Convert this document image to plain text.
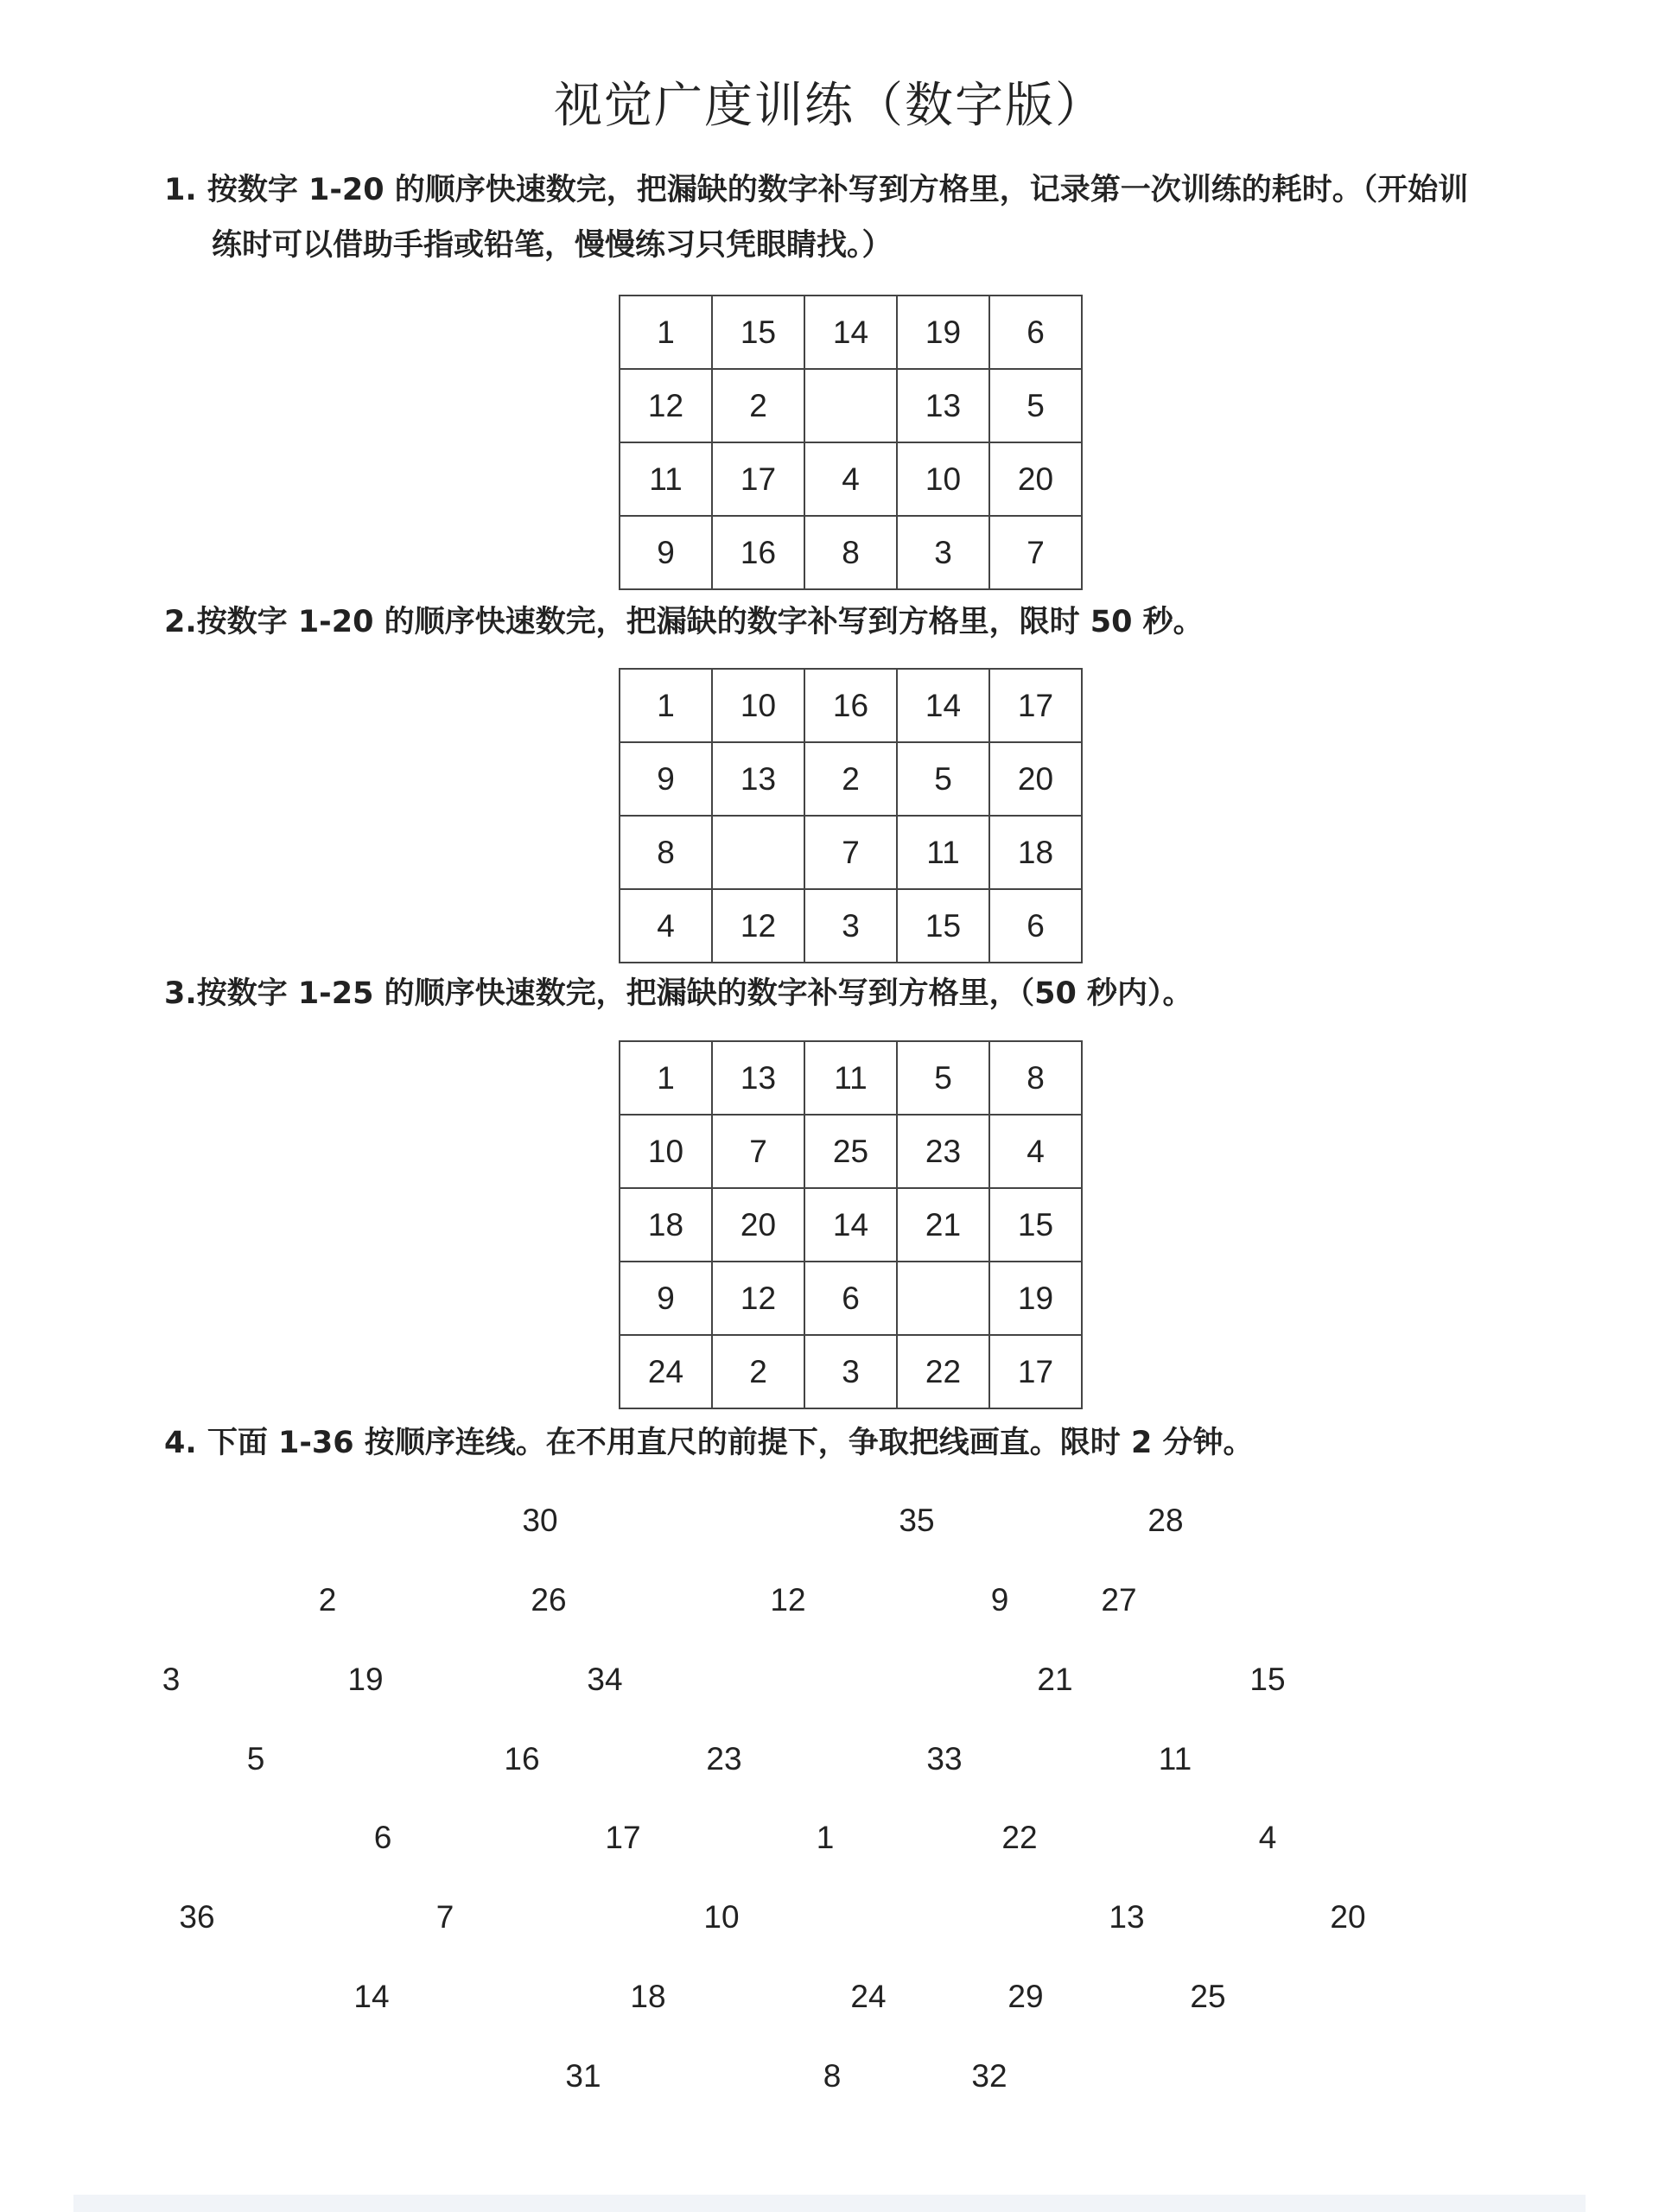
视觉广度训练（数字版）

1. 按数字 1-20 的顺序快速数完，把漏缺的数字补写到方格里，记录第一次训练的耗时。（开始训
练时可以借助手指或铅笔，慢慢练习只凭眼睛找。）

1	15	14	19	6
12	2		13	5
11	17	4	10	20
9	16	8	3	7

2.按数字 1-20 的顺序快速数完，把漏缺的数字补写到方格里，限时 50 秒。

1	10	16	14	17
9	13	2	5	20
8		7	11	18
4	12	3	15	6

3.按数字 1-25 的顺序快速数完，把漏缺的数字补写到方格里，（50 秒内）。

1	13	11	5	8
10	7	25	23	4
18	20	14	21	15
9	12	6		19
24	2	3	22	17

4. 下面 1-36 按顺序连线。在不用直尺的前提下，争取把线画直。限时 2 分钟。

30	35	28
2	26	12	9	27
3	19	34	21	15
5	16	23	33	11
6	17	1	22	4
36	7	10	13	20
14	18	24	29	25
31	8	32
